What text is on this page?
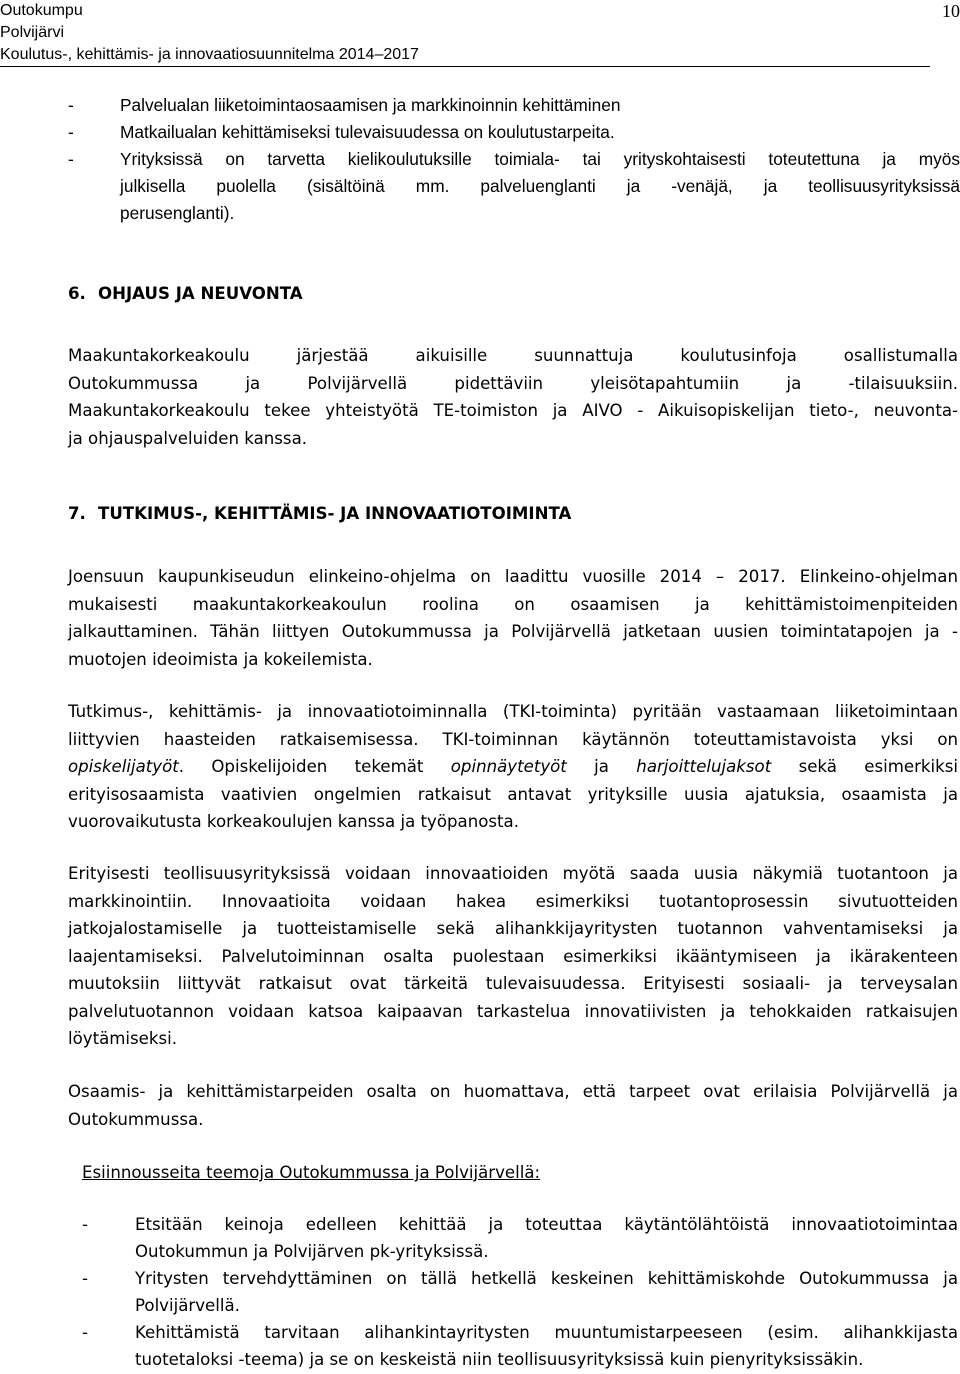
Outokumpu
Polvijärvi
Koulutus-, kehittämis- ja innovaatiosuunnitelma 2014–2017
10
-	Palvelualan liiketoimintaosaamisen ja markkinoinnin kehittäminen
-	Matkailualan kehittämiseksi tulevaisuudessa on koulutustarpeita.
-	Yrityksissä on tarvetta kielikoulutuksille toimiala- tai yrityskohtaisesti toteutettuna ja myös
julkisella puolella (sisältöinä mm. palveluenglanti ja -venäjä, ja teollisuusyrityksissä
perusenglanti).
6. OHJAUS JA NEUVONTA
Maakuntakorkeakoulu järjestää aikuisille suunnattuja koulutusinfoja osallistumalla
Outokummussa ja Polvijärvellä pidettäviin yleisötapahtumiin ja -tilaisuuksiin.
Maakuntakorkeakoulu tekee yhteistyötä TE-toimiston ja AIVO - Aikuisopiskelijan tieto-, neuvonta-
ja ohjauspalveluiden kanssa.
7. TUTKIMUS-, KEHITTÄMIS- JA INNOVAATIOTOIMINTA
Joensuun kaupunkiseudun elinkeino-ohjelma on laadittu vuosille 2014 – 2017. Elinkeino-ohjelman
mukaisesti maakuntakorkeakoulun roolina on osaamisen ja kehittämistoimenpiteiden
jalkauttaminen. Tähän liittyen Outokummussa ja Polvijärvellä jatketaan uusien toimintatapojen ja -
muotojen ideoimista ja kokeilemista.
Tutkimus-, kehittämis- ja innovaatiotoiminnalla (TKI-toiminta) pyritään vastaamaan liiketoimintaan
liittyvien haasteiden ratkaisemisessa. TKI-toiminnan käytännön toteuttamistavoista yksi on
opiskelijatyöt. Opiskelijoiden tekemät opinnäytetyöt ja harjoittelujaksot sekä esimerkiksi
erityisosaamista vaativien ongelmien ratkaisut antavat yrityksille uusia ajatuksia, osaamista ja
vuorovaikutusta korkeakoulujen kanssa ja työpanosta.
Erityisesti teollisuusyrityksissä voidaan innovaatioiden myötä saada uusia näkymiä tuotantoon ja
markkinointiin. Innovaatioita voidaan hakea esimerkiksi tuotantoprosessin sivutuotteiden
jatkojalostamiselle ja tuotteistamiselle sekä alihankkijayritysten tuotannon vahventamiseksi ja
laajentamiseksi. Palvelutoiminnan osalta puolestaan esimerkiksi ikääntymiseen ja ikärakenteen
muutoksiin liittyvät ratkaisut ovat tärkeitä tulevaisuudessa. Erityisesti sosiaali- ja terveysalan
palvelutuotannon voidaan katsoa kaipaavan tarkastelua innovatiivisten ja tehokkaiden ratkaisujen
löytämiseksi.
Osaamis- ja kehittämistarpeiden osalta on huomattava, että tarpeet ovat erilaisia Polvijärvellä ja
Outokummussa.
Esiinnousseita teemoja Outokummussa ja Polvijärvellä:
-	Etsitään keinoja edelleen kehittää ja toteuttaa käytäntölähtöistä innovaatiotoimintaa
Outokummun ja Polvijärven pk-yrityksissä.
-	Yritysten tervehdyttäminen on tällä hetkellä keskeinen kehittämiskohde Outokummussa ja
Polvijärvellä.
-	Kehittämistä tarvitaan alihankintayritysten muuntumistarpeeseen (esim. alihankkijasta
tuotetaloksi -teema) ja se on keskeistä niin teollisuusyrityksissä kuin pienyrityksissäkin.
